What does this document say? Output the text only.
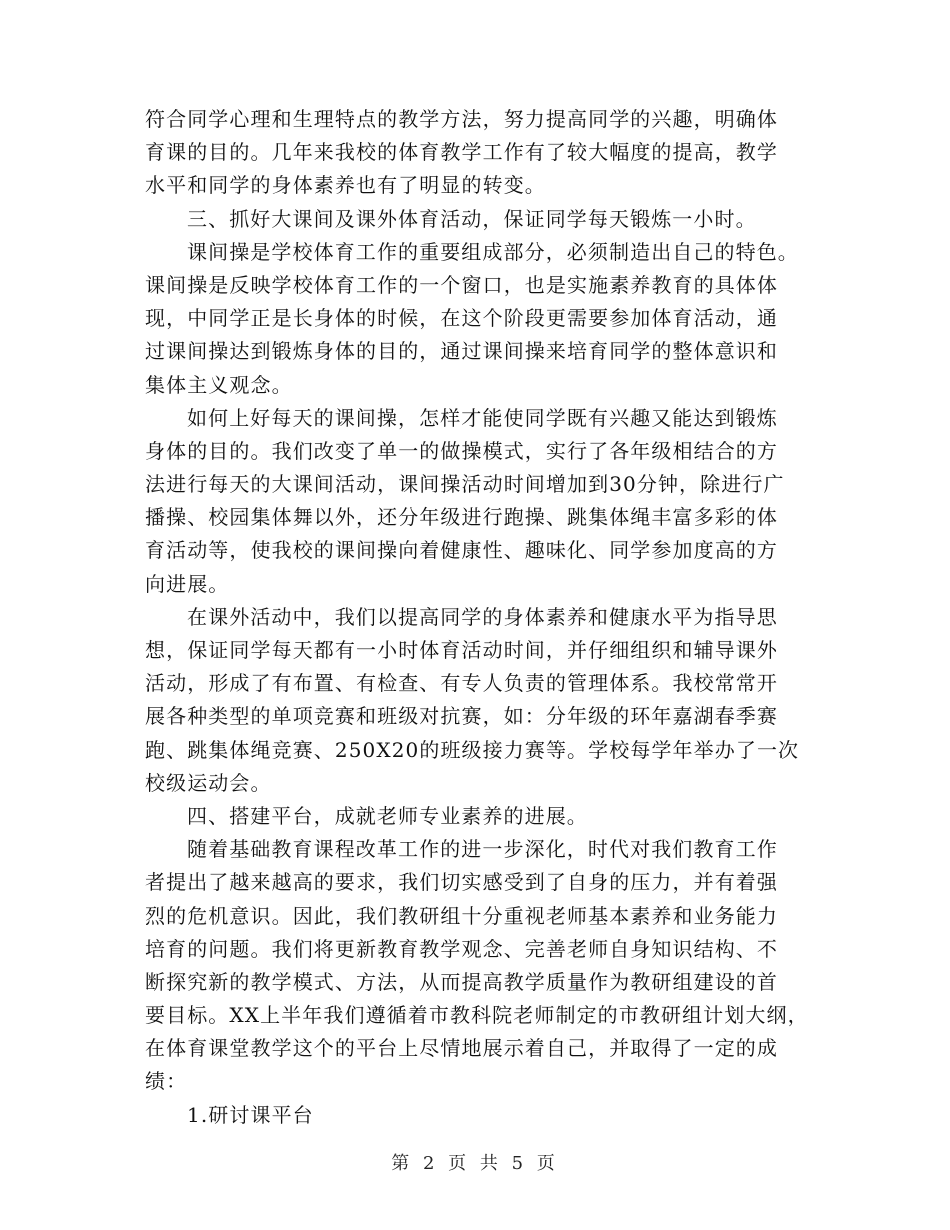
符合同学心理和生理特点的教学方法，努力提高同学的兴趣，明确体
育课的目的。几年来我校的体育教学工作有了较大幅度的提高，教学
水平和同学的身体素养也有了明显的转变。
三、抓好大课间及课外体育活动，保证同学每天锻炼一小时。
课间操是学校体育工作的重要组成部分，必须制造出自己的特色。
课间操是反映学校体育工作的一个窗口，也是实施素养教育的具体体
现，中同学正是长身体的时候，在这个阶段更需要参加体育活动，通
过课间操达到锻炼身体的目的，通过课间操来培育同学的整体意识和
集体主义观念。
如何上好每天的课间操，怎样才能使同学既有兴趣又能达到锻炼
身体的目的。我们改变了单一的做操模式，实行了各年级相结合的方
法进行每天的大课间活动，课间操活动时间增加到30分钟，除进行广
播操、校园集体舞以外，还分年级进行跑操、跳集体绳丰富多彩的体
育活动等，使我校的课间操向着健康性、趣味化、同学参加度高的方
向进展。
在课外活动中，我们以提高同学的身体素养和健康水平为指导思
想，保证同学每天都有一小时体育活动时间，并仔细组织和辅导课外
活动，形成了有布置、有检查、有专人负责的管理体系。我校常常开
展各种类型的单项竞赛和班级对抗赛，如：分年级的环年嘉湖春季赛
跑、跳集体绳竞赛、250X20的班级接力赛等。学校每学年举办了一次
校级运动会。
四、搭建平台，成就老师专业素养的进展。
随着基础教育课程改革工作的进一步深化，时代对我们教育工作
者提出了越来越高的要求，我们切实感受到了自身的压力，并有着强
烈的危机意识。因此，我们教研组十分重视老师基本素养和业务能力
培育的问题。我们将更新教育教学观念、完善老师自身知识结构、不
断探究新的教学模式、方法，从而提高教学质量作为教研组建设的首
要目标。XX上半年我们遵循着市教科院老师制定的市教研组计划大纲，
在体育课堂教学这个的平台上尽情地展示着自己，并取得了一定的成
绩：
1.研讨课平台
第 2 页 共 5 页
